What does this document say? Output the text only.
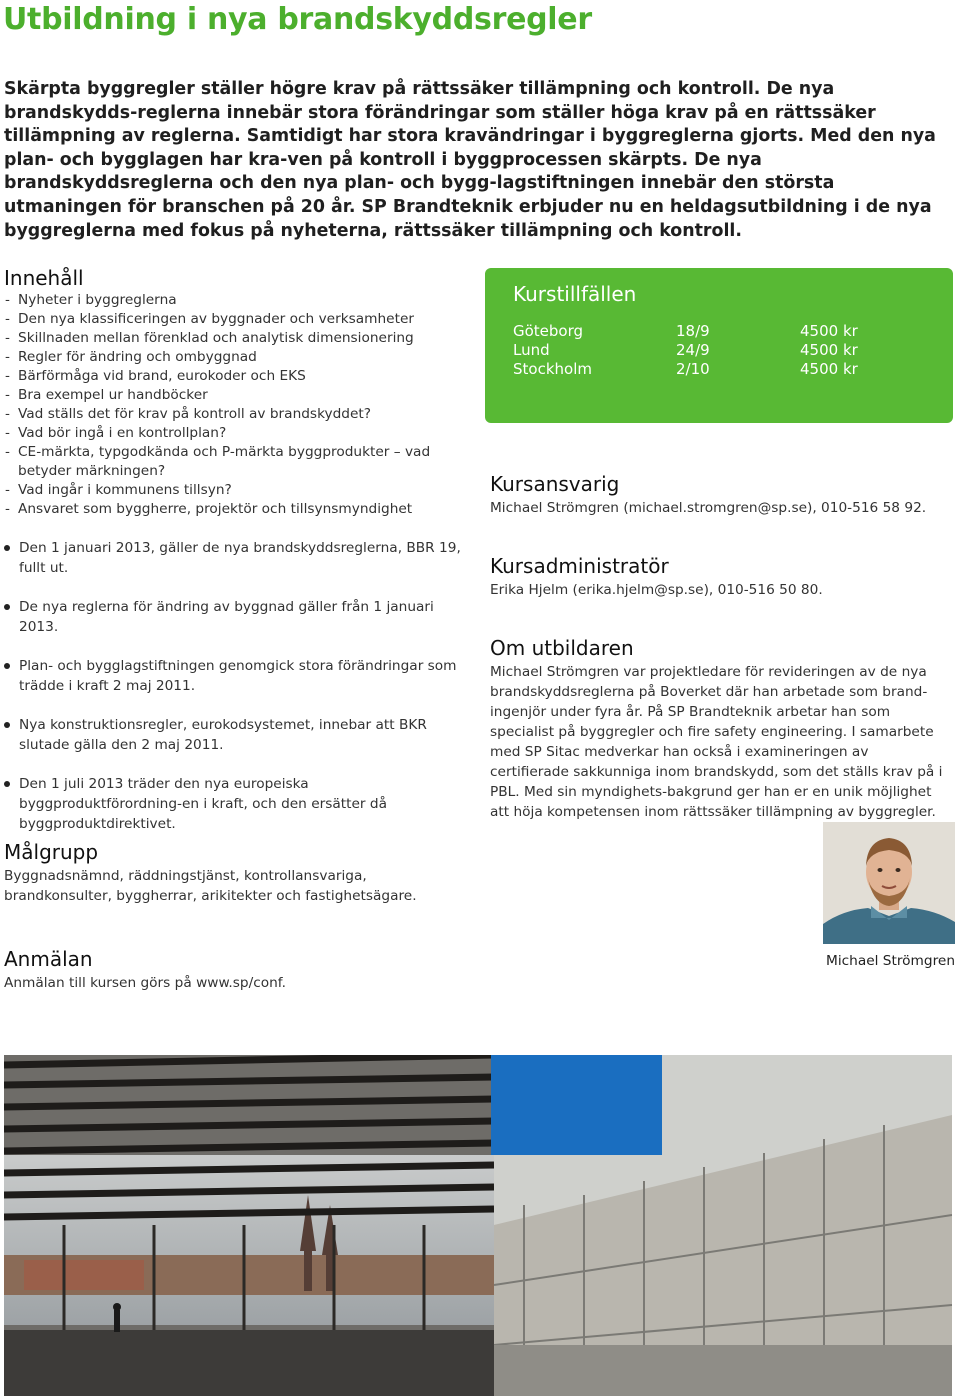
Utbildning i nya brandskyddsregler

Skärpta byggregler ställer högre krav på rättssäker tillämpning och kontroll. De nya brandskydds-reglerna innebär stora förändringar som ställer höga krav på en rättssäker tillämpning av reglerna. Samtidigt har stora kravändringar i byggreglerna gjorts. Med den nya plan- och bygglagen har kra-ven på kontroll i byggprocessen skärpts. De nya brandskyddsreglerna och den nya plan- och bygg-lagstiftningen innebär den största utmaningen för branschen på 20 år. SP Brandteknik erbjuder nu en heldagsutbildning i de nya byggreglerna med fokus på nyheterna, rättssäker tillämpning och kontroll.

Innehåll
- Nyheter i byggreglerna
- Den nya klassificeringen av byggnader och verksamheter
- Skillnaden mellan förenklad och analytisk dimensionering
- Regler för ändring och ombyggnad
- Bärförmåga vid brand, eurokoder och EKS
- Bra exempel ur handböcker
- Vad ställs det för krav på kontroll av brandskyddet?
- Vad bör ingå i en kontrollplan?
- CE-märkta, typgodkända och P-märkta byggprodukter – vad betyder märkningen?
- Vad ingår i kommunens tillsyn?
- Ansvaret som byggherre, projektör och tillsynsmyndighet
Den 1 januari 2013, gäller de nya brandskyddsreglerna, BBR 19, fullt ut.
De nya reglerna för ändring av byggnad gäller från 1 januari 2013.
Plan- och bygglagstiftningen genomgick stora förändringar som trädde i kraft 2 maj 2011.
Nya konstruktionsregler, eurokodsystemet, innebar att BKR slutade gälla den 2 maj 2011.
Den 1 juli 2013 träder den nya europeiska byggproduktförordning-en i kraft, och den ersätter då byggproduktdirektivet.
Målgrupp

Byggnadsnämnd, räddningstjänst, kontrollansvariga, brandkonsulter, byggherrar, arikitekter och fastighetsägare.

Anmälan

Anmälan till kursen görs på www.sp/conf.

Kurstillfällen
Göteborg	18/9	4500 kr
Lund	24/9	4500 kr
Stockholm	2/10	4500 kr
Kursansvarig

Michael Strömgren (michael.stromgren@sp.se), 010-516 58 92.

Kursadministratör

Erika Hjelm (erika.hjelm@sp.se), 010-516 50 80.

Om utbildaren

Michael Strömgren var projektledare för revideringen av de nya brandskyddsreglerna på Boverket där han arbetade som brand-ingenjör under fyra år. På SP Brandteknik arbetar han som specialist på byggregler och fire safety engineering. I samarbete med SP Sitac medverkar han också i examineringen av certifierade sakkunniga inom brandskydd, som det ställs krav på i PBL. Med sin myndighets-bakgrund ger han er en unik möjlighet att höja kompetensen inom rättssäker tillämpning av byggregler.

Michael Strömgren
